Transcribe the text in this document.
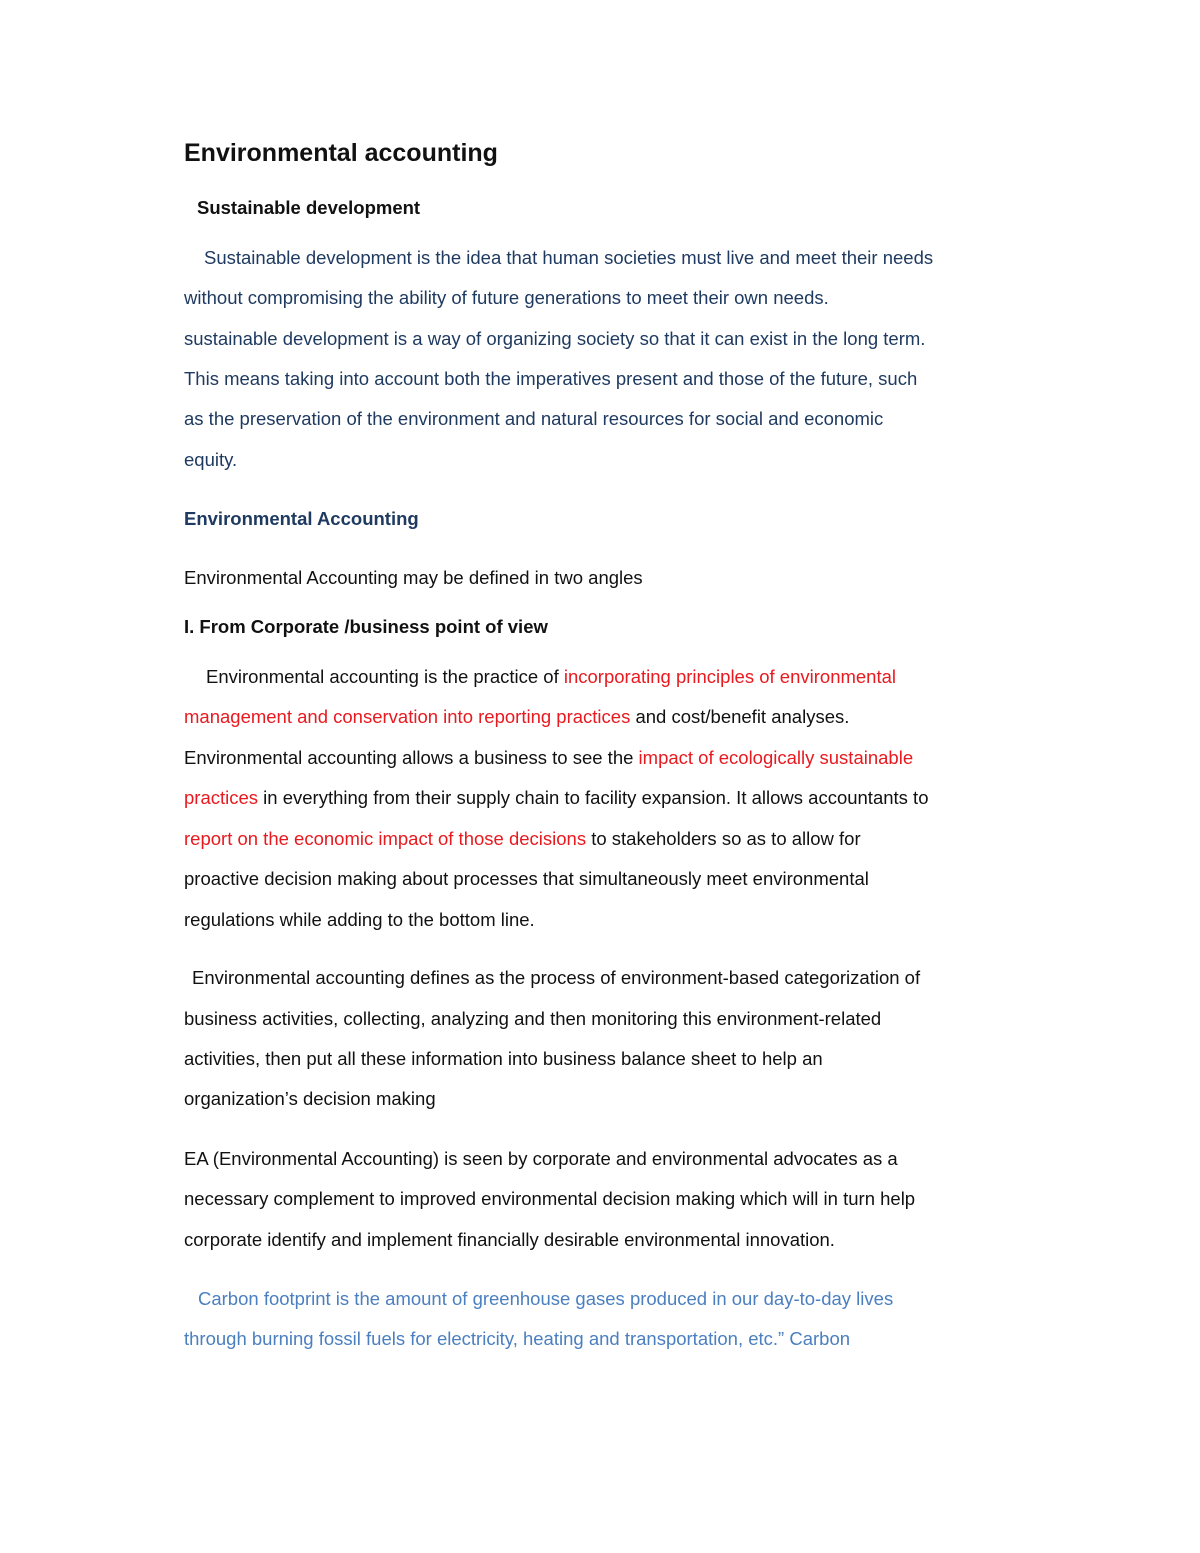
Environmental accounting
Sustainable development
Sustainable development is the idea that human societies must live and meet their needs
without compromising the ability of future generations to meet their own needs.
sustainable development is a way of organizing society so that it can exist in the long term.
This means taking into account both the imperatives present and those of the future, such
as the preservation of the environment and natural resources for social and economic
equity.
Environmental Accounting
Environmental Accounting may be defined in two angles
I. From Corporate /business point of view
Environmental accounting is the practice of incorporating principles of environmental
management and conservation into reporting practices and cost/benefit analyses.
Environmental accounting allows a business to see the impact of ecologically sustainable
practices in everything from their supply chain to facility expansion. It allows accountants to
report on the economic impact of those decisions to stakeholders so as to allow for
proactive decision making about processes that simultaneously meet environmental
regulations while adding to the bottom line.
Environmental accounting defines as the process of environment-based categorization of
business activities, collecting, analyzing and then monitoring this environment-related
activities, then put all these information into business balance sheet to help an
organization’s decision making
EA (Environmental Accounting) is seen by corporate and environmental advocates as a
necessary complement to improved environmental decision making which will in turn help
corporate identify and implement financially desirable environmental innovation.
Carbon footprint is the amount of greenhouse gases produced in our day-to-day lives
through burning fossil fuels for electricity, heating and transportation, etc.” Carbon
